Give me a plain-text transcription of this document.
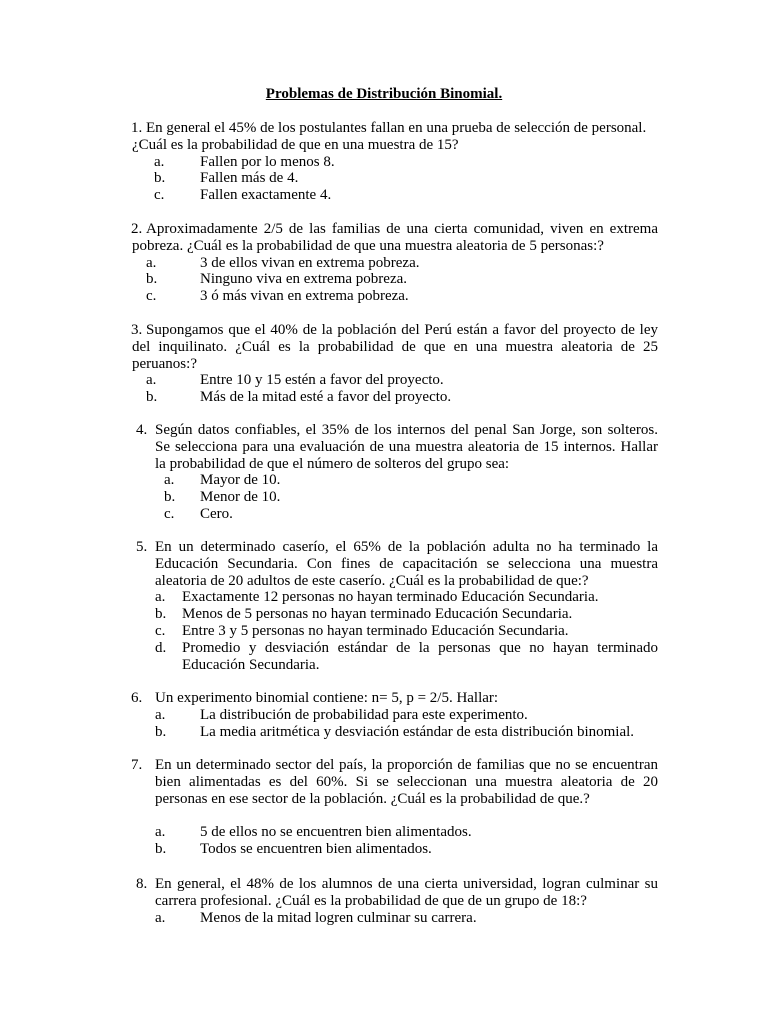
Problemas de Distribución Binomial.
1. En general el 45% de los postulantes fallan en una prueba de selección de personal.
¿Cuál es la probabilidad de que en una muestra de 15?
a. Fallen por lo menos 8.
b. Fallen más de 4.
c. Fallen exactamente 4.
2. Aproximadamente 2/5 de las familias de una cierta comunidad, viven en extrema
pobreza. ¿Cuál es la probabilidad de que una muestra aleatoria de 5 personas:?
a.	3 de ellos vivan en extrema pobreza.
b.	Ninguno viva en extrema pobreza.
c.	3 ó más vivan en extrema pobreza.
3. Supongamos que el 40% de la población del Perú están a favor del proyecto de ley
del inquilinato. ¿Cuál es la probabilidad de que en una muestra aleatoria de 25
peruanos:?
a.	Entre 10 y 15 estén a favor del proyecto.
b.	Más de la mitad esté a favor del proyecto.
4. Según datos confiables, el 35% de los internos del penal San Jorge, son solteros.
Se selecciona para una evaluación de una muestra aleatoria de 15 internos. Hallar
la probabilidad de que el número de solteros del grupo sea:
a. Mayor de 10.
b. Menor de 10.
c. Cero.
5. En un determinado caserío, el 65% de la población adulta no ha terminado la
Educación Secundaria. Con fines de capacitación se selecciona una muestra
aleatoria de 20 adultos de este caserío. ¿Cuál es la probabilidad de que:?
a. Exactamente 12 personas no hayan terminado Educación Secundaria.
b. Menos de 5 personas no hayan terminado Educación Secundaria.
c. Entre 3 y 5 personas no hayan terminado Educación Secundaria.
d. Promedio y desviación estándar de la personas que no hayan terminado
Educación Secundaria.
6. Un experimento binomial contiene: n= 5, p = 2/5. Hallar:
a. La distribución de probabilidad para este experimento.
b. La media aritmética y desviación estándar de esta distribución binomial.
7. En un determinado sector del país, la proporción de familias que no se encuentran
bien alimentadas es del 60%. Si se seleccionan una muestra aleatoria de 20
personas en ese sector de la población. ¿Cuál es la probabilidad de que.?
a. 5 de ellos no se encuentren bien alimentados.
b. Todos se encuentren bien alimentados.
8. En general, el 48% de los alumnos de una cierta universidad, logran culminar su
carrera profesional. ¿Cuál es la probabilidad de que de un grupo de 18:?
a. Menos de la mitad logren culminar su carrera.
